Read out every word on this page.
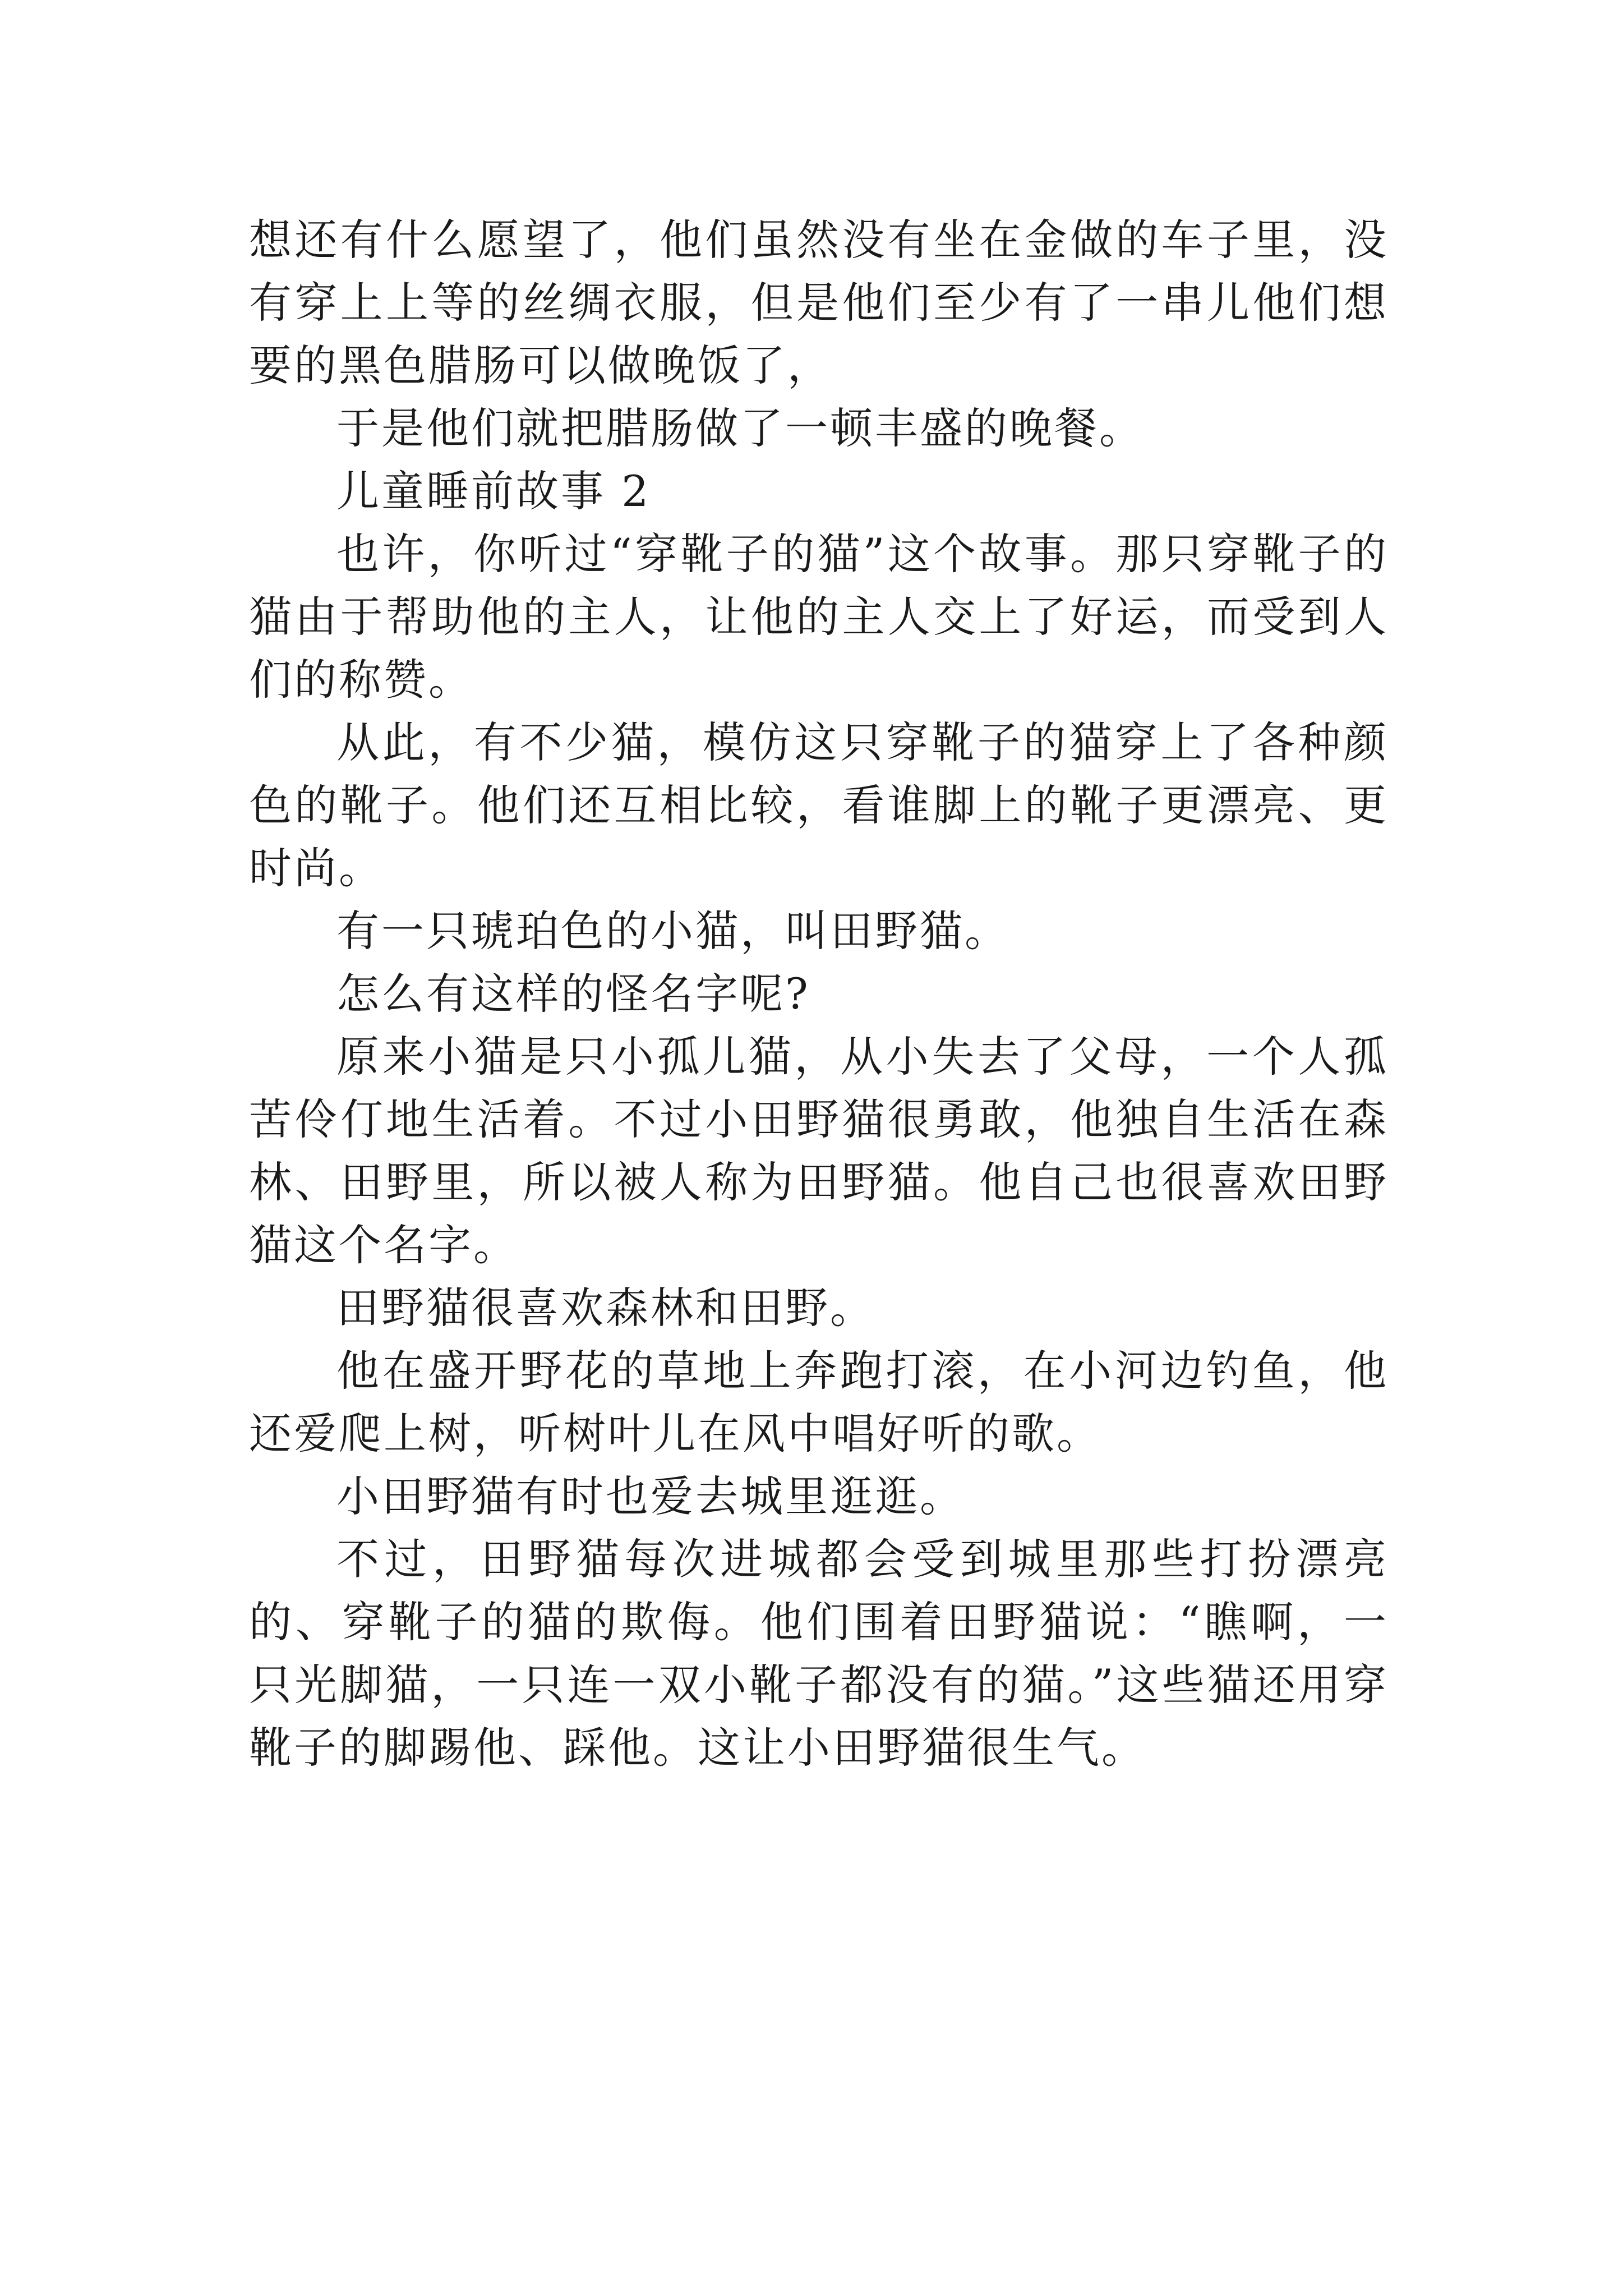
想还有什么愿望了，他们虽然没有坐在金做的车子里，没有穿上上等的丝绸衣服，但是他们至少有了一串儿他们想要的黑色腊肠可以做晚饭了，

于是他们就把腊肠做了一顿丰盛的晚餐。

儿童睡前故事 2

也许，你听过“穿靴子的猫”这个故事。那只穿靴子的猫由于帮助他的主人，让他的主人交上了好运，而受到人们的称赞。

从此，有不少猫，模仿这只穿靴子的猫穿上了各种颜色的靴子。他们还互相比较，看谁脚上的靴子更漂亮、更时尚。

有一只琥珀色的小猫，叫田野猫。

怎么有这样的怪名字呢?

原来小猫是只小孤儿猫，从小失去了父母，一个人孤苦伶仃地生活着。不过小田野猫很勇敢，他独自生活在森林、田野里，所以被人称为田野猫。他自己也很喜欢田野猫这个名字。

田野猫很喜欢森林和田野。

他在盛开野花的草地上奔跑打滚，在小河边钓鱼，他还爱爬上树，听树叶儿在风中唱好听的歌。

小田野猫有时也爱去城里逛逛。

不过，田野猫每次进城都会受到城里那些打扮漂亮的、穿靴子的猫的欺侮。他们围着田野猫说：“瞧啊，一只光脚猫，一只连一双小靴子都没有的猫。”这些猫还用穿靴子的脚踢他、踩他。这让小田野猫很生气。
